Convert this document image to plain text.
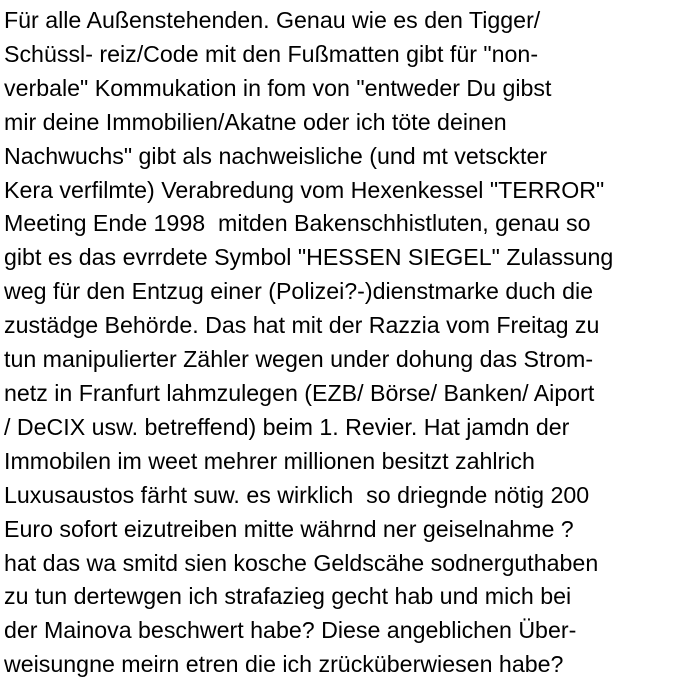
Für alle Außenstehenden. Genau wie es den Tigger/
Schüssl- reiz/Code mit den Fußmatten gibt für "non-
verbale" Kommukation in fom von "entweder Du gibst
mir deine Immobilien/Akatne oder ich töte deinen
Nachwuchs" gibt als nachweisliche (und mt vetsckter
Kera verfilmte) Verabredung vom Hexenkessel "TERROR"
Meeting Ende 1998  mitden Bakenschhistluten, genau so
gibt es das evrrdete Symbol "HESSEN SIEGEL" Zulassung
weg für den Entzug einer (Polizei?-)dienstmarke duch die
zustädge Behörde. Das hat mit der Razzia vom Freitag zu
tun manipulierter Zähler wegen under dohung das Strom-
netz in Franfurt lahmzulegen (EZB/ Börse/ Banken/ Aiport
/ DeCIX usw. betreffend) beim 1. Revier. Hat jamdn der
Immobilen im weet mehrer millionen besitzt zahlrich
Luxusaustos färht suw. es wirklich  so driegnde nötig 200
Euro sofort eizutreiben mitte währnd ner geiselnahme ?
hat das wa smitd sien kosche Geldscähe sodnerguthaben
zu tun dertewgen ich strafazieg gecht hab und mich bei
der Mainova beschwert habe? Diese angeblichen Über-
weisungne meirn etren die ich zrücküberwiesen habe?
